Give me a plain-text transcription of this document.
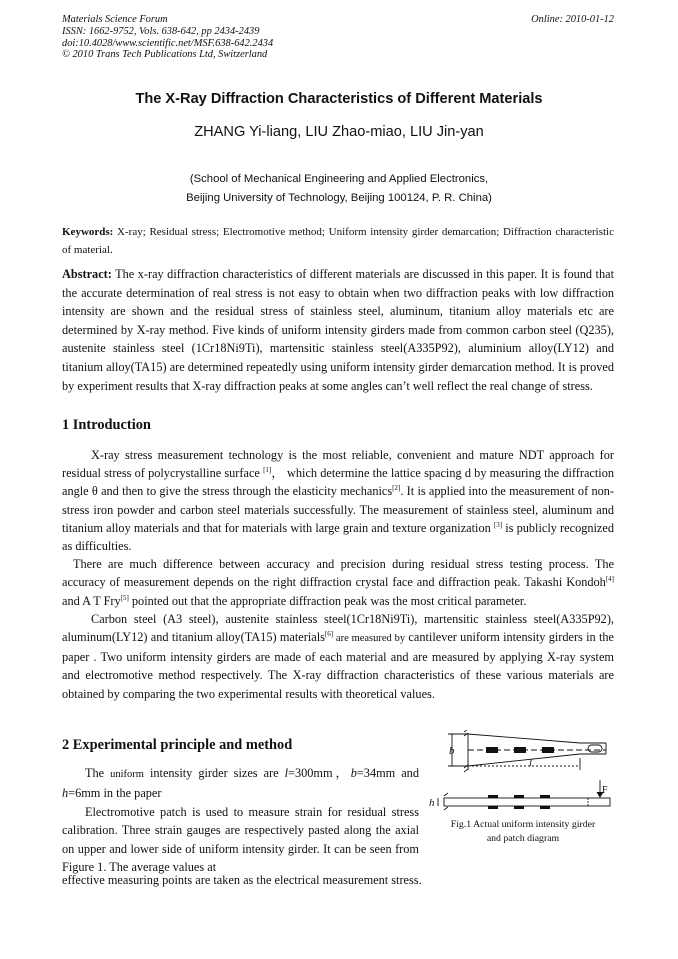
Materials Science Forum
ISSN: 1662-9752, Vols. 638-642, pp 2434-2439
doi:10.4028/www.scientific.net/MSF.638-642.2434
© 2010 Trans Tech Publications Ltd, Switzerland
Online: 2010-01-12
The X-Ray Diffraction Characteristics of Different Materials
ZHANG Yi-liang, LIU Zhao-miao, LIU Jin-yan
(School of Mechanical Engineering and Applied Electronics,
Beijing University of Technology, Beijing 100124, P. R. China)
Keywords: X-ray; Residual stress; Electromotive method; Uniform intensity girder demarcation; Diffraction characteristic of material.
Abstract: The x-ray diffraction characteristics of different materials are discussed in this paper. It is found that the accurate determination of real stress is not easy to obtain when two diffraction peaks with low diffraction intensity are shown and the residual stress of stainless steel, aluminum, titanium alloy materials etc are determined by X-ray method. Five kinds of uniform intensity girders made from common carbon steel (Q235), austenite stainless steel (1Cr18Ni9Ti), martensitic stainless steel(A335P92), aluminium alloy(LY12) and titanium alloy(TA15) are determined repeatedly using uniform intensity girder demarcation method. It is proved by experiment results that X-ray diffraction peaks at some angles can’t well reflect the real change of stress.
1 Introduction

X-ray stress measurement technology is the most reliable, convenient and mature NDT approach for residual stress of polycrystalline surface [1]， which determine the lattice spacing d by measuring the diffraction angle θ and then to give the stress through the elasticity mechanics[2]. It is applied into the measurement of non-stress iron powder and carbon steel materials successfully. The measurement of stainless steel, aluminum and titanium alloy materials and that for materials with large grain and texture organization [3] is publicly recognized as difficulties.

There are much difference between accuracy and precision during residual stress testing process. The accuracy of measurement depends on the right diffraction crystal face and diffraction peak. Takashi Kondoh[4] and A T Fry[5] pointed out that the appropriate diffraction peak was the most critical parameter.

Carbon steel (A3 steel), austenite stainless steel(1Cr18Ni9Ti), martensitic stainless steel(A335P92), aluminum(LY12) and titanium alloy(TA15) materials[6] are measured by cantilever uniform intensity girders in the paper . Two uniform intensity girders are made of each material and are measured by applying X-ray system and electromotive method respectively. The X-ray diffraction characteristics of these various materials are obtained by comparing the two experimental results with theoretical values.

2 Experimental principle and method

The uniform intensity girder sizes are l=300mm，b=34mm and h=6mm in the paper

Electromotive patch is used to measure strain for residual stress calibration. Three strain gauges are respectively pasted along the axial on upper and lower side of uniform intensity girder. It can be seen from Figure 1. The average values at

effective measuring points are taken as the electrical measurement stress.
b
l
h
F
Fig.1 Actual uniform intensity girder
and patch diagram
